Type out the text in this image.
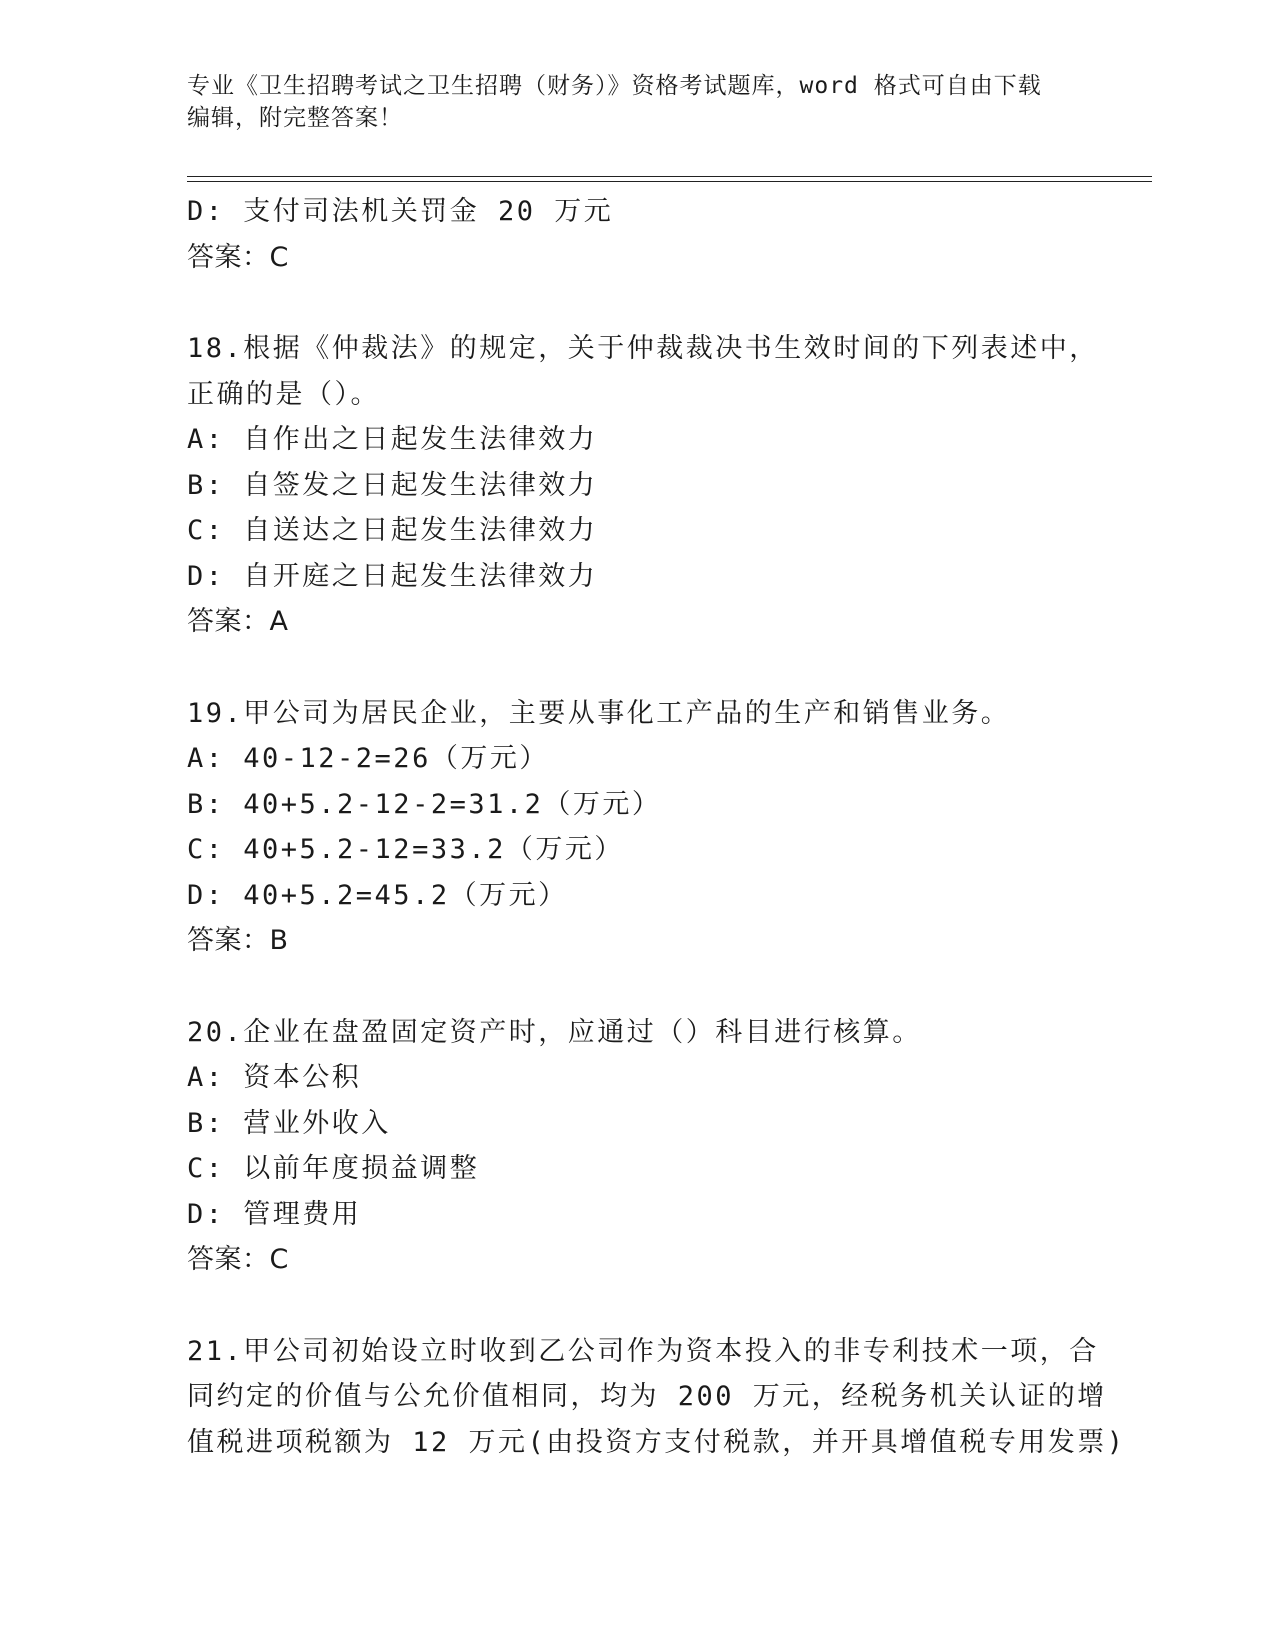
专业《卫生招聘考试之卫生招聘（财务）》资格考试题库，word 格式可自由下载
编辑，附完整答案！
D: 支付司法机关罚金 20 万元
答案：C
18.根据《仲裁法》的规定，关于仲裁裁决书生效时间的下列表述中，
正确的是（）。
A: 自作出之日起发生法律效力
B: 自签发之日起发生法律效力
C: 自送达之日起发生法律效力
D: 自开庭之日起发生法律效力
答案：A
19.甲公司为居民企业，主要从事化工产品的生产和销售业务。
A: 40-12-2=26（万元）
B: 40+5.2-12-2=31.2（万元）
C: 40+5.2-12=33.2（万元）
D: 40+5.2=45.2（万元）
答案：B
20.企业在盘盈固定资产时，应通过（）科目进行核算。
A: 资本公积
B: 营业外收入
C: 以前年度损益调整
D: 管理费用
答案：C
21.甲公司初始设立时收到乙公司作为资本投入的非专利技术一项，合
同约定的价值与公允价值相同，均为 200 万元，经税务机关认证的增
值税进项税额为 12 万元(由投资方支付税款，并开具增值税专用发票)
